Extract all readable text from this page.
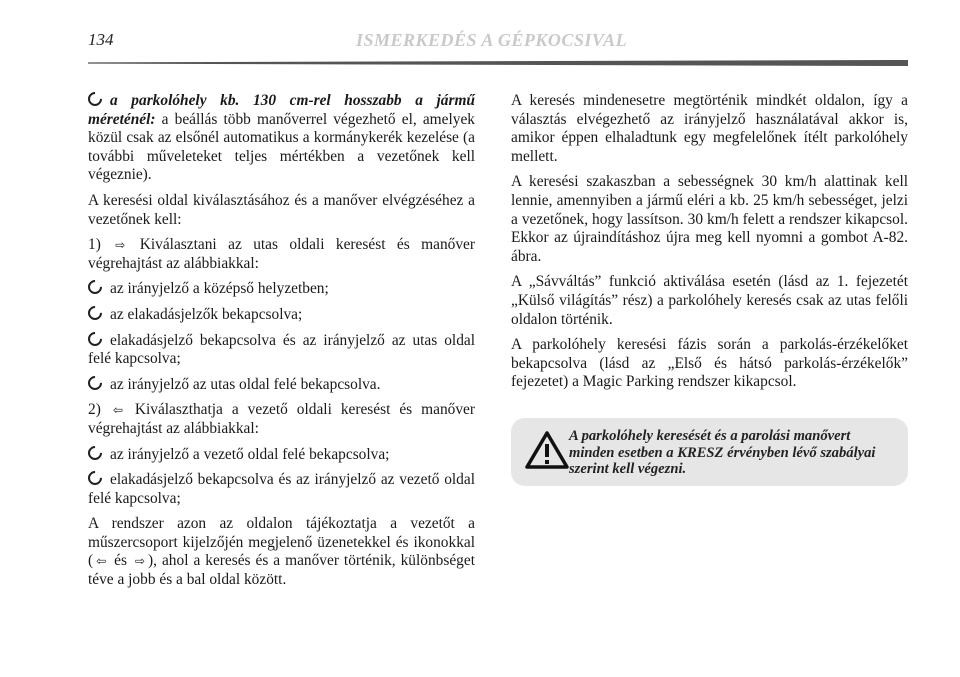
134	ISMERKEDÉS A GÉPKOCSIVAL

a parkolóhely kb. 130 cm-rel hosszabb a jármű méreténél: a beállás több manőverrel végezhető el, amelyek közül csak az elsőnél automatikus a kormánykerék kezelése (a további műveleteket teljes mértékben a vezetőnek kell végeznie).

A keresési oldal kiválasztásához és a manőver elvégzéséhez a vezetőnek kell:

1) ⇨ Kiválasztani az utas oldali keresést és manőver végrehajtást az alábbiakkal:

az irányjelző a középső helyzetben;

az elakadásjelzők bekapcsolva;

elakadásjelző bekapcsolva és az irányjelző az utas oldal felé kapcsolva;

az irányjelző az utas oldal felé bekapcsolva.

2) ⇦ Kiválaszthatja a vezető oldali keresést és manőver végrehajtást az alábbiakkal:

az irányjelző a vezető oldal felé bekapcsolva;

elakadásjelző bekapcsolva és az irányjelző az vezető oldal felé kapcsolva;

A rendszer azon az oldalon tájékoztatja a vezetőt a műszercsoport kijelzőjén megjelenő üzenetekkel és ikonokkal ( ⇦ és ⇨ ), ahol a keresés és a manőver történik, különbséget téve a jobb és a bal oldal között.

A keresés mindenesetre megtörténik mindkét oldalon, így a választás elvégezhető az irányjelző használatával akkor is, amikor éppen elhaladtunk egy megfelelőnek ítélt parkolóhely mellett.

A keresési szakaszban a sebességnek 30 km/h alattinak kell lennie, amennyiben a jármű eléri a kb. 25 km/h sebességet, jelzi a vezetőnek, hogy lassítson. 30 km/h felett a rendszer kikapcsol. Ekkor az újraindításhoz újra meg kell nyomni a gombot A-82. ábra.

A „Sávváltás” funkció aktiválása esetén (lásd az 1. fejezetét „Külső világítás” rész) a parkolóhely keresés csak az utas felőli oldalon történik.

A parkolóhely keresési fázis során a parkolás-érzékelőket bekapcsolva (lásd az „Első és hátsó parkolás-érzékelők” fejezetet) a Magic Parking rendszer kikapcsol.

A parkolóhely keresését és a parolási manővert minden esetben a KRESZ érvényben lévő szabályai szerint kell végezni.
